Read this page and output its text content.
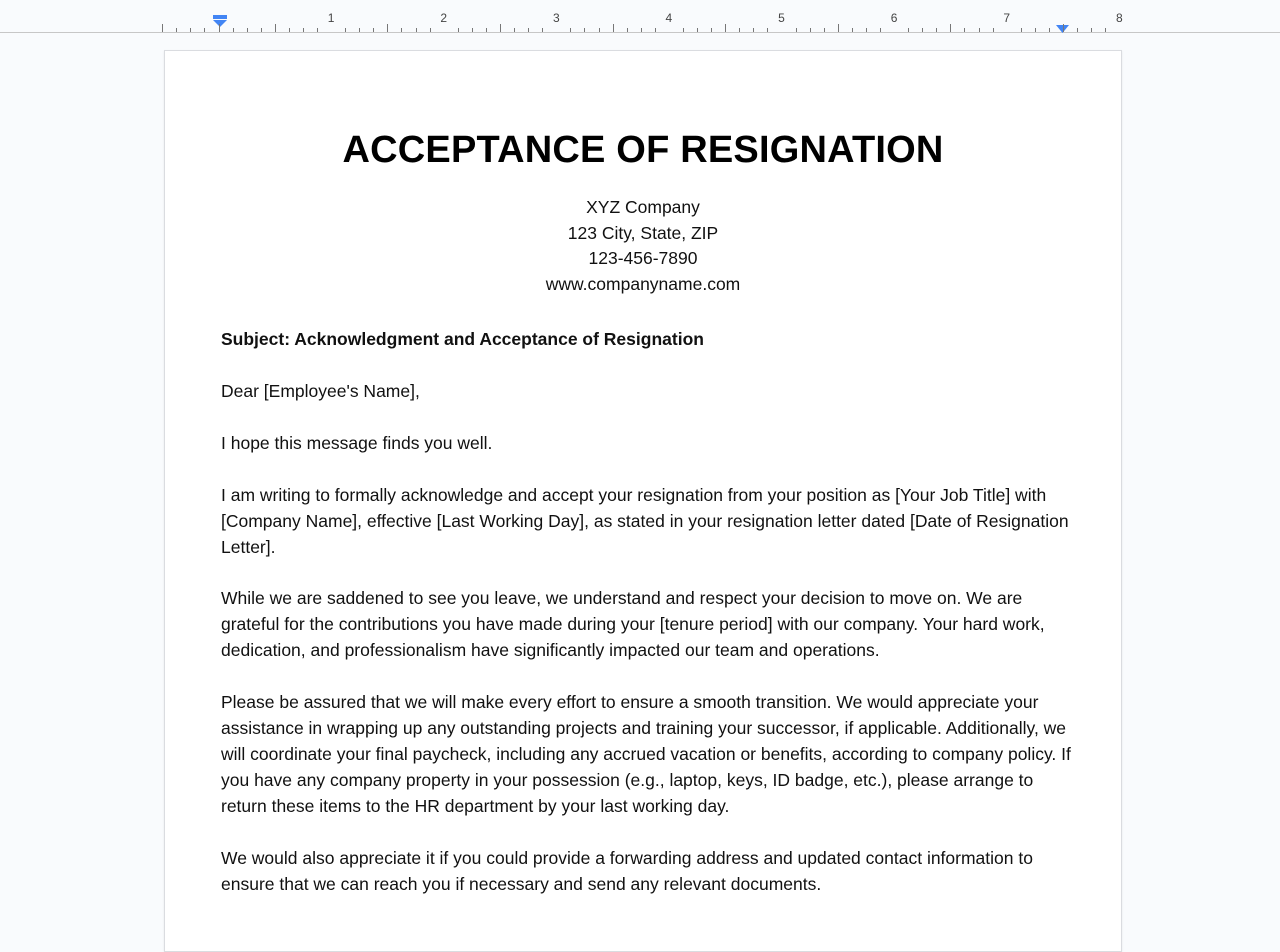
1	2	3	4	5	6	7	8
ACCEPTANCE OF RESIGNATION
XYZ Company
123 City, State, ZIP
123-456-7890
www.companyname.com

Subject: Acknowledgment and Acceptance of Resignation

Dear [Employee's Name],

I hope this message finds you well.

I am writing to formally acknowledge and accept your resignation from your position as [Your Job Title] with [Company Name], effective [Last Working Day], as stated in your resignation letter dated [Date of Resignation Letter].

While we are saddened to see you leave, we understand and respect your decision to move on. We are grateful for the contributions you have made during your [tenure period] with our company. Your hard work, dedication, and professionalism have significantly impacted our team and operations.

Please be assured that we will make every effort to ensure a smooth transition. We would appreciate your assistance in wrapping up any outstanding projects and training your successor, if applicable. Additionally, we will coordinate your final paycheck, including any accrued vacation or benefits, according to company policy. If you have any company property in your possession (e.g., laptop, keys, ID badge, etc.), please arrange to return these items to the HR department by your last working day.

We would also appreciate it if you could provide a forwarding address and updated contact information to ensure that we can reach you if necessary and send any relevant documents.
